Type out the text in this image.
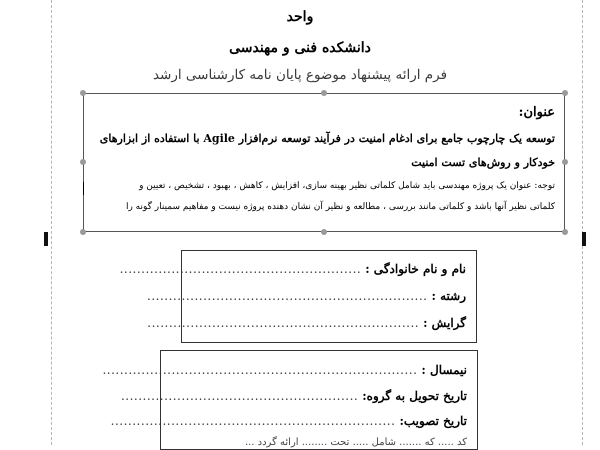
واحد
دانشکده فنی و مهندسی
فرم ارائه پیشنهاد موضوع پایان نامه کارشناسی ارشد
عنوان:
توسعه یک چارچوب جامع برای ادغام امنیت در فرآیند توسعه نرم‌افزار Agile با استفاده از ابزارهای
خودکار و روش‌های تست امنیت
توجه: عنوان یک پروژه مهندسی باید شامل کلماتی نظیر بهینه سازی، افزایش ، کاهش ، بهبود ، تشخیص ، تعیین و
کلماتی نظیر آنها باشد و کلماتی مانند بررسی ، مطالعه و نظیر آن نشان دهنده پروژه نیست و مفاهیم سمینار گونه را
نام و نام خانوادگی :
........................................................
رشته :
.................................................................
گرایش :
...............................................................
نیمسال :
.........................................................................
تاریخ تحویل به گروه:
.......................................................
تاریخ تصویب:
..................................................................
کد ..... که ....... شامل ..... تحت ........ ارائه گردد ...
